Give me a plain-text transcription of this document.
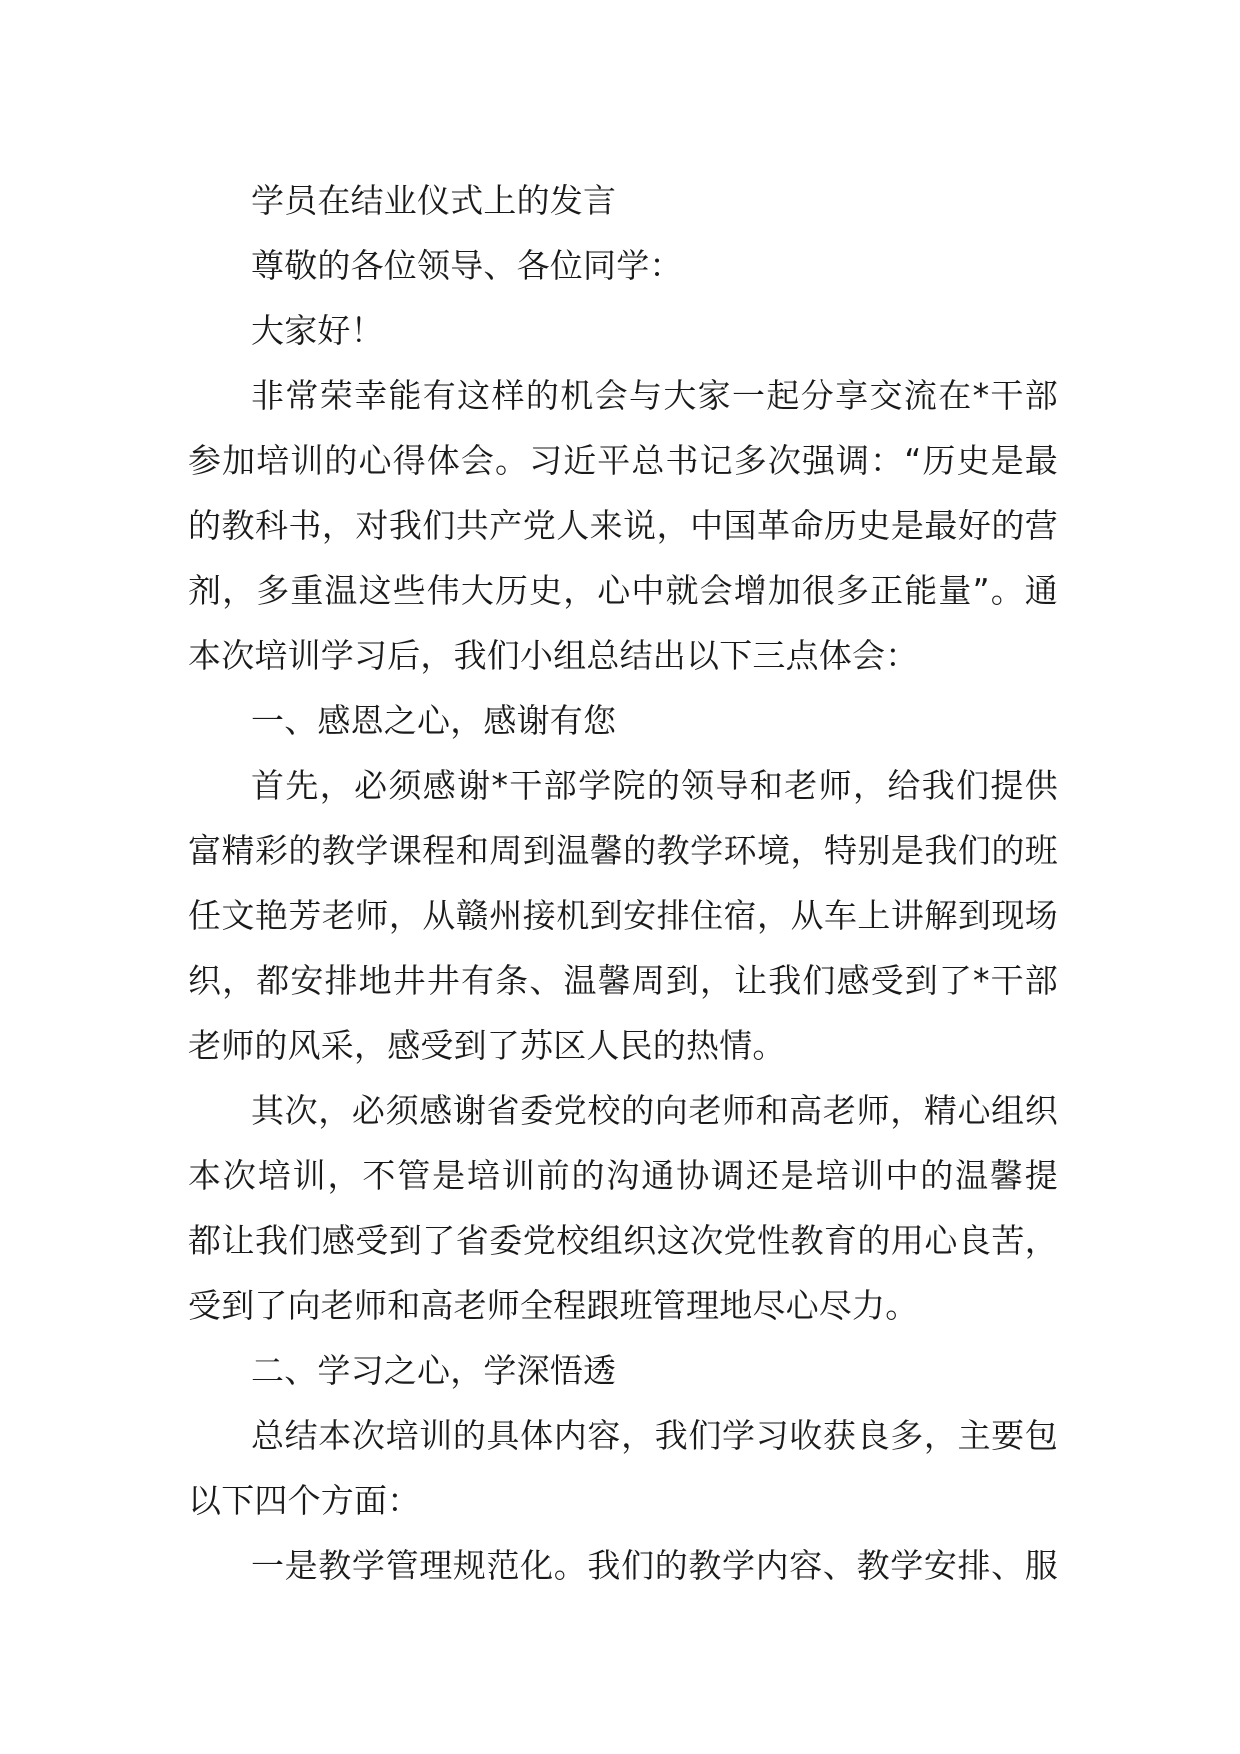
学员在结业仪式上的发言
尊敬的各位领导、各位同学：
大家好！
非常荣幸能有这样的机会与大家一起分享交流在*干部
参加培训的心得体会。习近平总书记多次强调：“历史是最
的教科书，对我们共产党人来说，中国革命历史是最好的营
剂，多重温这些伟大历史，心中就会增加很多正能量”。通
本次培训学习后，我们小组总结出以下三点体会：
一、感恩之心，感谢有您
首先，必须感谢*干部学院的领导和老师，给我们提供
富精彩的教学课程和周到温馨的教学环境，特别是我们的班
任文艳芳老师，从赣州接机到安排住宿，从车上讲解到现场
织，都安排地井井有条、温馨周到，让我们感受到了*干部
老师的风采，感受到了苏区人民的热情。
其次，必须感谢省委党校的向老师和高老师，精心组织
本次培训，不管是培训前的沟通协调还是培训中的温馨提
都让我们感受到了省委党校组织这次党性教育的用心良苦，
受到了向老师和高老师全程跟班管理地尽心尽力。
二、学习之心，学深悟透
总结本次培训的具体内容，我们学习收获良多，主要包
以下四个方面：
一是教学管理规范化。我们的教学内容、教学安排、服
